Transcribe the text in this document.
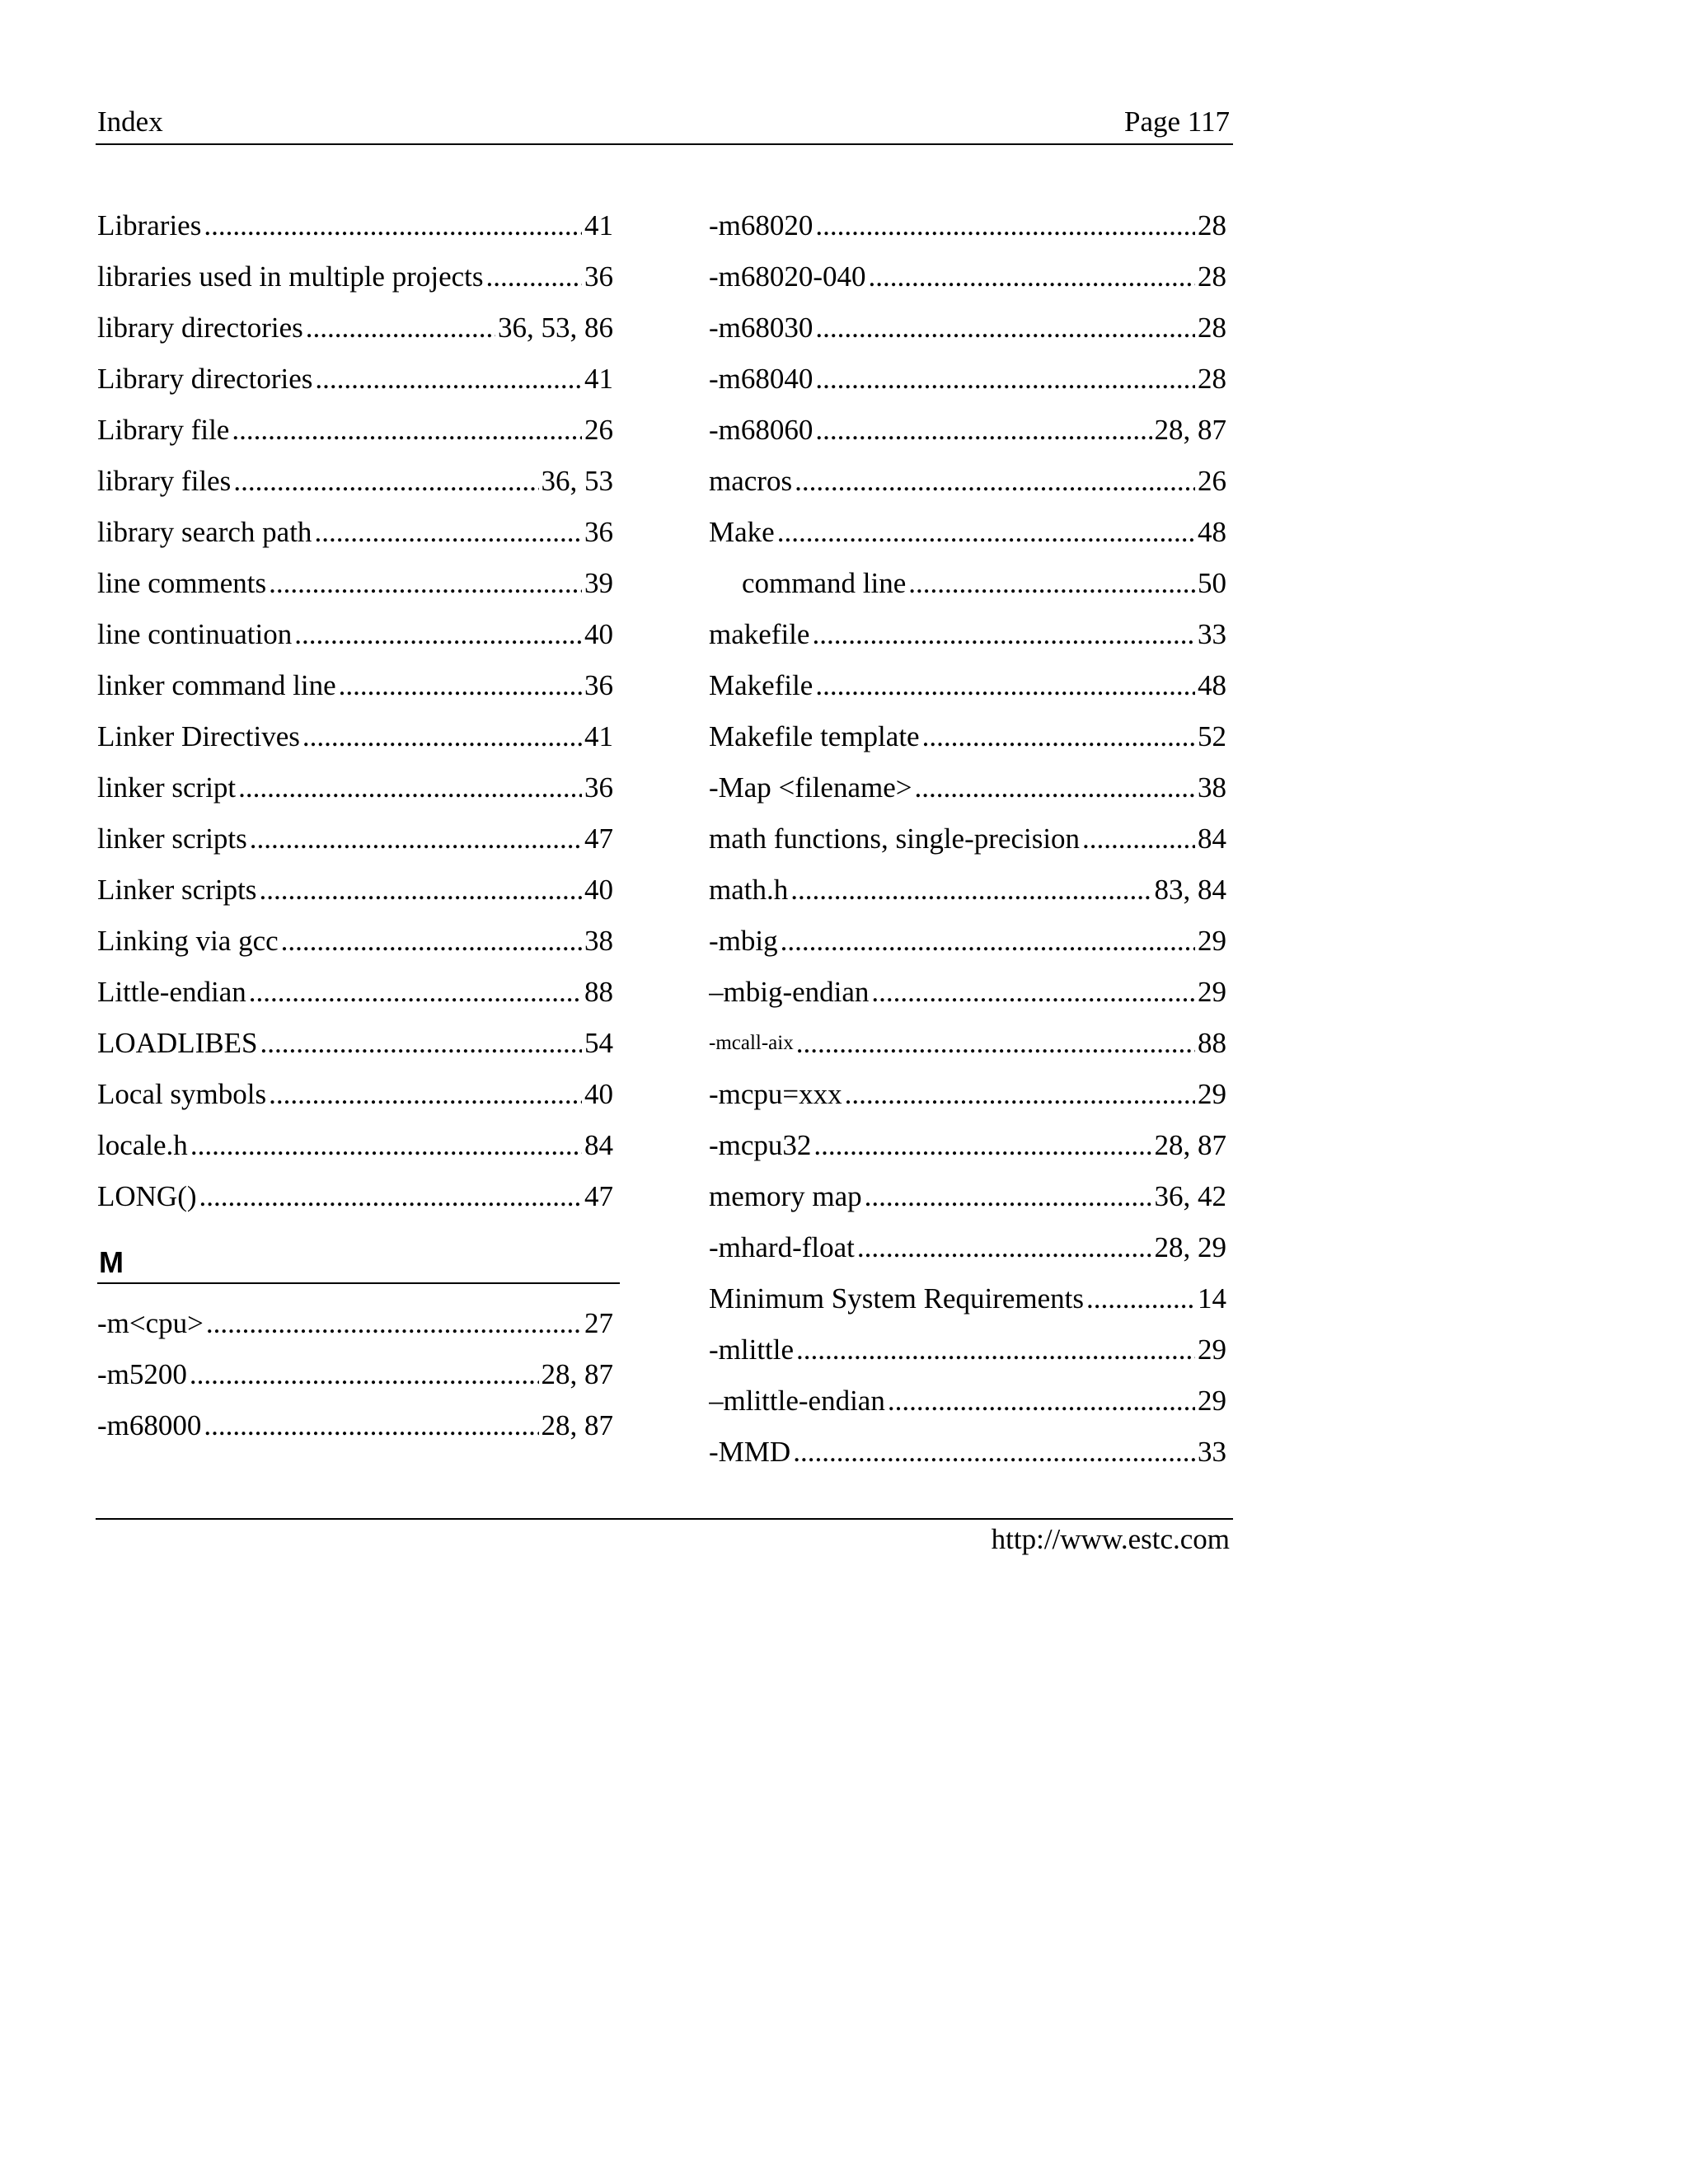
Index	Page 117
Libraries .....	41
libraries used in multiple projects .....	36
library directories .....	36, 53, 86
Library directories .....	41
Library file .....	26
library files .....	36, 53
library search path .....	36
line comments .....	39
line continuation .....	40
linker command line .....	36
Linker Directives .....	41
linker script .....	36
linker scripts .....	47
Linker scripts .....	40
Linking via gcc .....	38
Little-endian .....	88
LOADLIBES .....	54
Local symbols .....	40
locale.h .....	84
LONG() .....	47
M
-m<cpu> .....	27
-m5200 .....	28, 87
-m68000 .....	28, 87
-m68020 .....	28
-m68020-040 .....	28
-m68030 .....	28
-m68040 .....	28
-m68060 .....	28, 87
macros .....	26
Make .....	48
command line .....	50
makefile .....	33
Makefile .....	48
Makefile template .....	52
-Map <filename> .....	38
math functions, single-precision .....	84
math.h .....	83, 84
-mbig .....	29
–mbig-endian .....	29
-mcall-aix .....	88
-mcpu=xxx .....	29
-mcpu32 .....	28, 87
memory map .....	36, 42
-mhard-float .....	28, 29
Minimum System Requirements .....	14
-mlittle .....	29
–mlittle-endian .....	29
-MMD .....	33
http://www.estc.com
